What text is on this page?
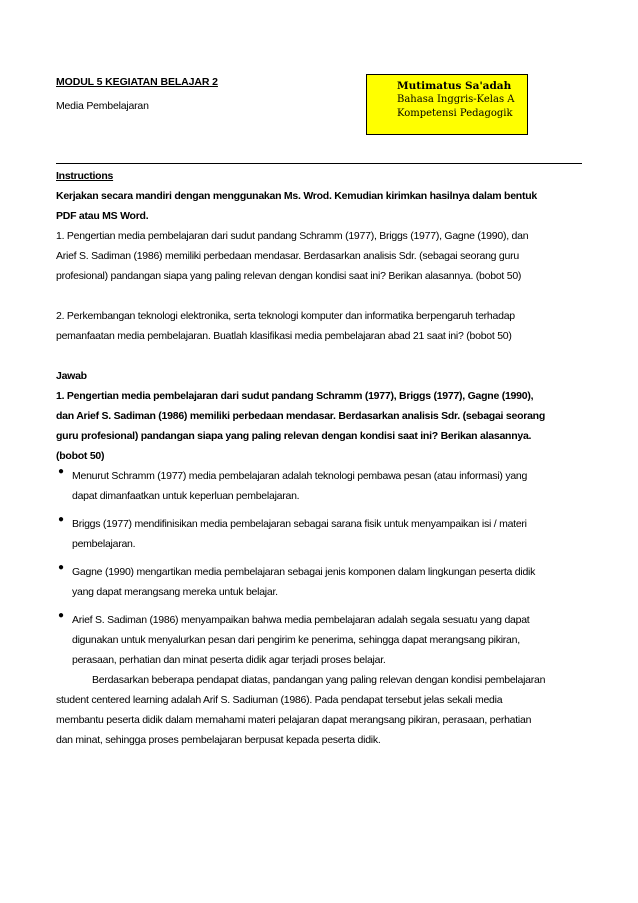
MODUL 5 KEGIATAN BELAJAR 2
Media Pembelajaran
Mutimatus Sa'adah
Bahasa Inggris-Kelas A
Kompetensi Pedagogik
Instructions
Kerjakan secara mandiri dengan menggunakan Ms. Wrod. Kemudian kirimkan hasilnya dalam bentuk
PDF atau MS Word.
1. Pengertian media pembelajaran dari sudut pandang Schramm (1977), Briggs (1977), Gagne (1990), dan
Arief S. Sadiman (1986) memiliki perbedaan mendasar. Berdasarkan analisis Sdr. (sebagai seorang guru
profesional) pandangan siapa yang paling relevan dengan kondisi saat ini? Berikan alasannya. (bobot 50)
2. Perkembangan teknologi elektronika, serta teknologi komputer dan informatika berpengaruh terhadap
pemanfaatan media pembelajaran. Buatlah klasifikasi media pembelajaran abad 21 saat ini? (bobot 50)
Jawab
1. Pengertian media pembelajaran dari sudut pandang Schramm (1977), Briggs (1977), Gagne (1990),
dan Arief S. Sadiman (1986) memiliki perbedaan mendasar. Berdasarkan analisis Sdr. (sebagai seorang
guru profesional) pandangan siapa yang paling relevan dengan kondisi saat ini? Berikan alasannya.
(bobot 50)
● Menurut Schramm (1977) media pembelajaran adalah teknologi pembawa pesan (atau informasi) yang
dapat dimanfaatkan untuk keperluan pembelajaran.
● Briggs (1977) mendifinisikan media pembelajaran sebagai sarana fisik untuk menyampaikan isi / materi
pembelajaran.
● Gagne (1990) mengartikan media pembelajaran sebagai jenis komponen dalam lingkungan peserta didik
yang dapat merangsang mereka untuk belajar.
● Arief S. Sadiman (1986) menyampaikan bahwa media pembelajaran adalah segala sesuatu yang dapat
digunakan untuk menyalurkan pesan dari pengirim ke penerima, sehingga dapat merangsang pikiran,
perasaan, perhatian dan minat peserta didik agar terjadi proses belajar.
Berdasarkan beberapa pendapat diatas, pandangan yang paling relevan dengan kondisi pembelajaran
student centered learning adalah Arif S. Sadiuman (1986). Pada pendapat tersebut jelas sekali media
membantu peserta didik dalam memahami materi pelajaran dapat merangsang pikiran, perasaan, perhatian
dan minat, sehingga proses pembelajaran berpusat kepada peserta didik.
